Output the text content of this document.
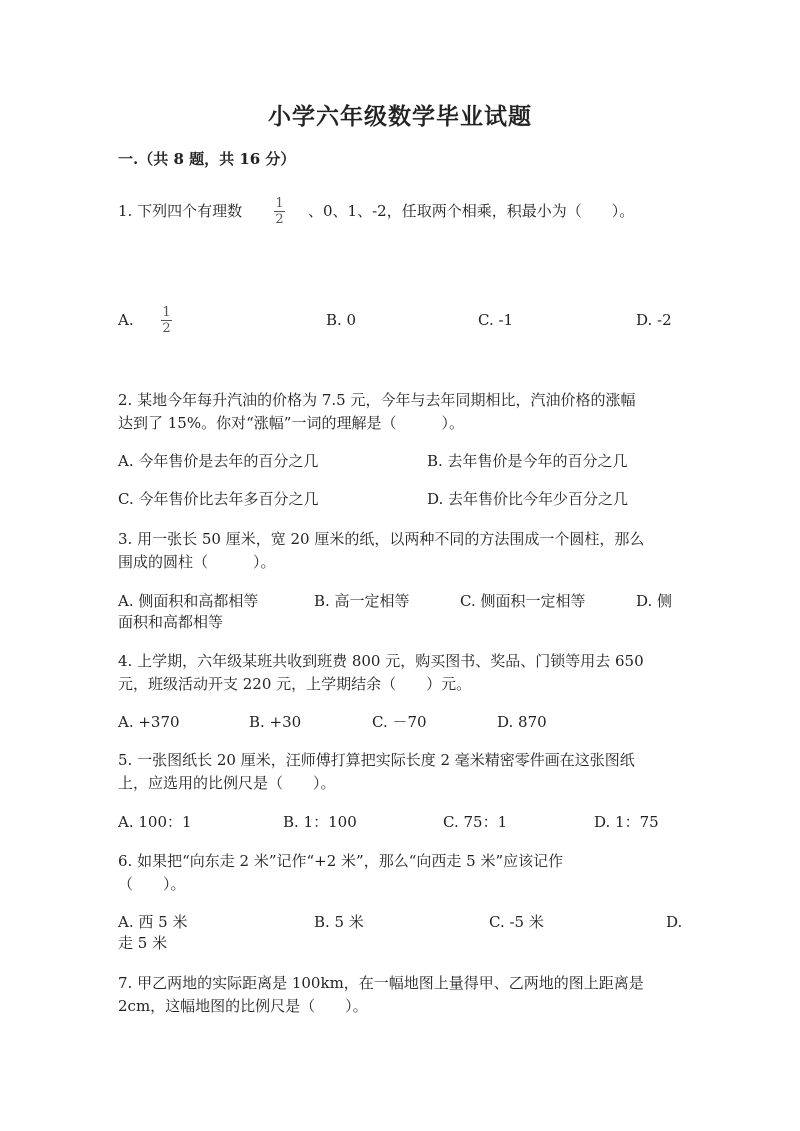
小学六年级数学毕业试题
一.（共 8 题，共 16 分）
1. 下列四个有理数	1
2 、0、1、-2，任取两个相乘，积最小为（　　）。
A. 1
2	B. 0	C. -1	D. -2
2. 某地今年每升汽油的价格为 7.5 元，今年与去年同期相比，汽油价格的涨幅
达到了 15%。你对“涨幅”一词的理解是（　　　）。
A. 今年售价是去年的百分之几	B. 去年售价是今年的百分之几
C. 今年售价比去年多百分之几	D. 去年售价比今年少百分之几
3. 用一张长 50 厘米，宽 20 厘米的纸，以两种不同的方法围成一个圆柱，那么
围成的圆柱（　　　）。
A. 侧面积和高都相等	B. 高一定相等	C. 侧面积一定相等	D. 侧
面积和高都相等
4. 上学期，六年级某班共收到班费 800 元，购买图书、奖品、门锁等用去 650
元，班级活动开支 220 元，上学期结余（　　）元。
A. +370	B. +30	C. －70	D. 870
5. 一张图纸长 20 厘米，汪师傅打算把实际长度 2 毫米精密零件画在这张图纸
上，应选用的比例尺是（　　）。
A. 100：1	B. 1：100	C. 75：1	D. 1：75
6. 如果把“向东走 2 米”记作“+2 米”，那么“向西走 5 米”应该记作
（　　）。
A. 西 5 米	B. 5 米	C. -5 米	D.
走 5 米
7. 甲乙两地的实际距离是 100km，在一幅地图上量得甲、乙两地的图上距离是
2cm，这幅地图的比例尺是（　　）。
